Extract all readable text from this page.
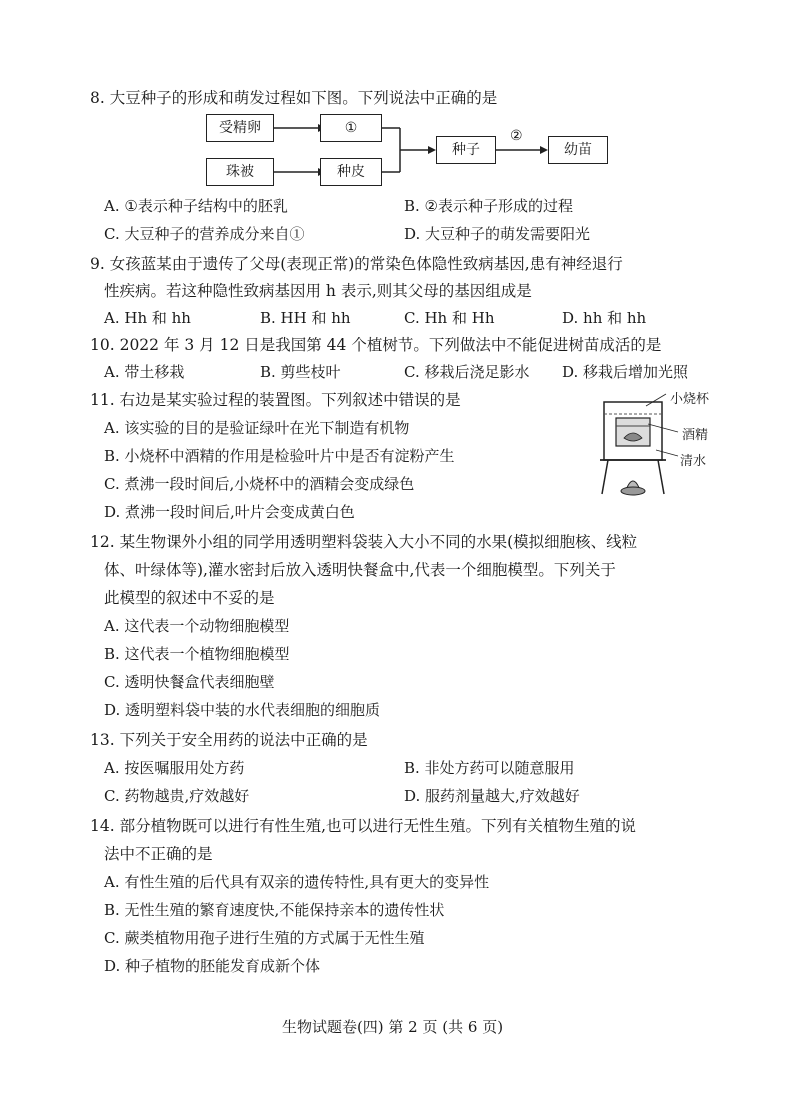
8. 大豆种子的形成和萌发过程如下图。下列说法中正确的是
受精卵	①
珠被	种皮
种子
②
幼苗
A. ①表示种子结构中的胚乳	B. ②表示种子形成的过程
C. 大豆种子的营养成分来自①	D. 大豆种子的萌发需要阳光
9. 女孩蓝某由于遗传了父母(表现正常)的常染色体隐性致病基因,患有神经退行
性疾病。若这种隐性致病基因用 h 表示,则其父母的基因组成是
A. Hh 和 hh	B. HH 和 hh	C. Hh 和 Hh	D. hh 和 hh
10. 2022 年 3 月 12 日是我国第 44 个植树节。下列做法中不能促进树苗成活的是
A. 带土移栽	B. 剪些枝叶	C. 移栽后浇足影水 D. 移栽后增加光照
11. 右边是某实验过程的装置图。下列叙述中错误的是
A. 该实验的目的是验证绿叶在光下制造有机物
B. 小烧杯中酒精的作用是检验叶片中是否有淀粉产生
C. 煮沸一段时间后,小烧杯中的酒精会变成绿色
D. 煮沸一段时间后,叶片会变成黄白色
小烧杯
酒精
清水
12. 某生物课外小组的同学用透明塑料袋装入大小不同的水果(模拟细胞核、线粒
体、叶绿体等),灌水密封后放入透明快餐盒中,代表一个细胞模型。下列关于
此模型的叙述中不妥的是
A. 这代表一个动物细胞模型
B. 这代表一个植物细胞模型
C. 透明快餐盒代表细胞壁
D. 透明塑料袋中装的水代表细胞的细胞质
13. 下列关于安全用药的说法中正确的是
A. 按医嘱服用处方药	B. 非处方药可以随意服用
C. 药物越贵,疗效越好	D. 服药剂量越大,疗效越好
14. 部分植物既可以进行有性生殖,也可以进行无性生殖。下列有关植物生殖的说
法中不正确的是
A. 有性生殖的后代具有双亲的遗传特性,具有更大的变异性
B. 无性生殖的繁育速度快,不能保持亲本的遗传性状
C. 蕨类植物用孢子进行生殖的方式属于无性生殖
D. 种子植物的胚能发育成新个体
生物试题卷(四) 第 2 页 (共 6 页)
